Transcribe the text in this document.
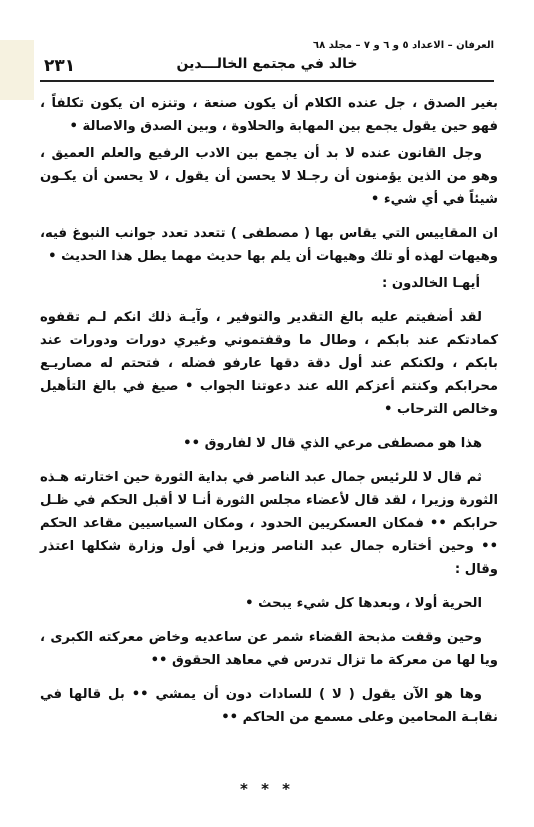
العرفان – الاعداد ٥ و ٦ و ٧ – مجلد ٦٨
٢٣١	خالد في مجتمع الخالـــدين

بغير الصدق ، جل عنده الكلام أن يكون صنعة ، وتنزه ان يكون تكلفاً ، فهو حين يقول يجمع بين المهابة والحلاوة ، وبين الصدق والاصالة •

وجل القانون عنده لا بد أن يجمع بين الادب الرفيع والعلم العميق ، وهو من الذين يؤمنون أن رجـلا لا يحسن أن يقول ، لا يحسن أن يكـون شيئاً في أي شيء •

ان المقاييس التي يقاس بها ( مصطفى ) تتعدد تعدد جوانب النبوغ فيه، وهيهات لهذه أو تلك وهيهات أن يلم بها حديث مهما يطل هذا الحديث •

أيهـا الخالدون :

لقد أضفيتم عليه بالغ التقدير والتوفير ، وآيـة ذلك انكم لـم تقفوه كمادتكم عند بابكم ، وطال ما وقفتموني وغيري دورات ودورات عند بابكم ، ولكنكم عند أول دقة دقها عارفو فضله ، فتحتم له مصاريـع محرابكم وكنتم أعزكم الله عند دعوتنا الجواب • صيغ في بالغ التأهيل وخالص الترحاب •

هذا هو مصطفى مرعي الذي قال لا لفاروق ••

ثم قال لا للرئيس جمال عبد الناصر في بداية الثورة حين اختارته هـذه الثورة وزيرا ، لقد قال لأعضاء مجلس الثورة أنـا لا أقبل الحكم في ظـل حرابكم •• فمكان العسكريين الحدود ، ومكان السياسيين مقاعد الحكم •• وحين أختاره جمال عبد الناصر وزيرا في أول وزارة شكلها اعتذر وقال :

الحرية أولا ، وبعدها كل شيء يبحث •

وحين وقفت مذبحة القضاء شمر عن ساعديه وخاض معركته الكبرى ، ويا لها من معركة ما تزال تدرس في معاهد الحقوق ••

وها هو الآن يقول ( لا ) للسادات دون أن يمشي •• بل قالها في نقابـة المحامين وعلى مسمع من الحاكم ••

* * *
